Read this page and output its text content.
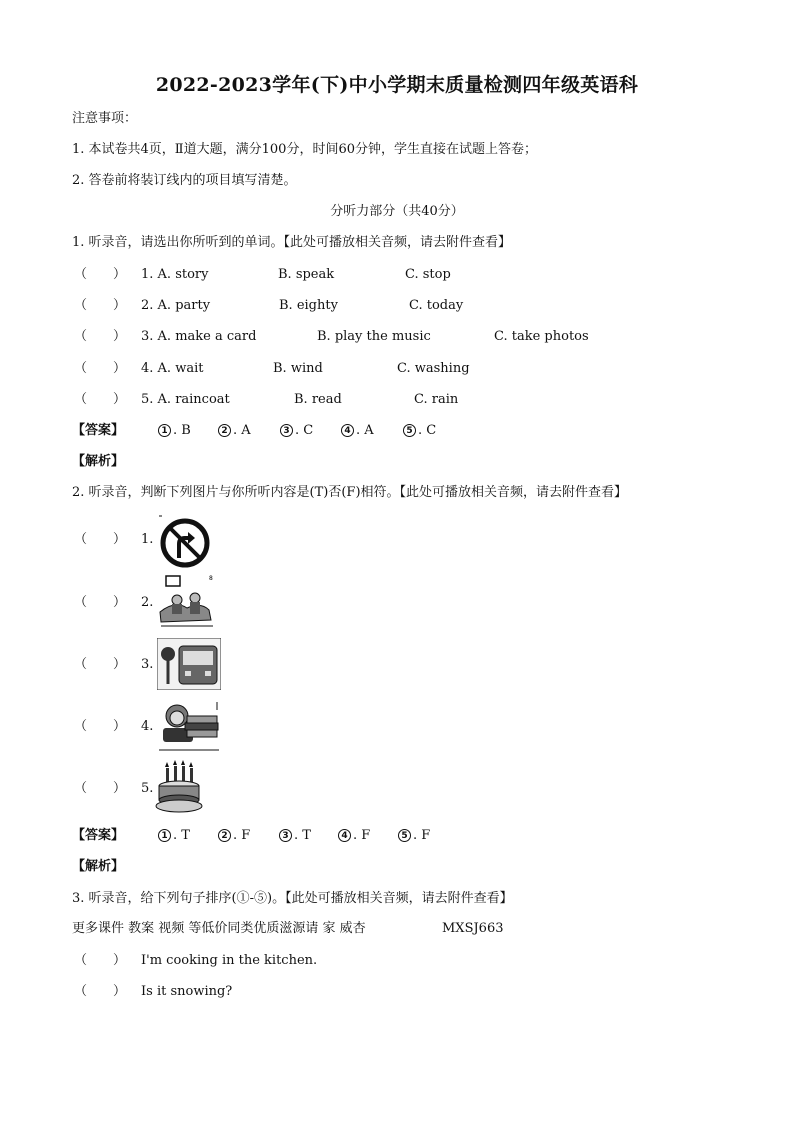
2022-2023学年(下)中小学期末质量检测四年级英语科
注意事项：
1. 本试卷共4页，Ⅱ道大题，满分100分，时间60分钟，学生直接在试题上答卷；
2. 答卷前将装订线内的项目填写清楚。
分听力部分（共40分）
1. 听录音，请选出你所听到的单词。【此处可播放相关音频，请去附件查看】
（　　） 1. A. story	B. speak	C. stop
（　　） 2. A. party	B. eighty	C. today
（　　） 3. A. make a card	B. play the music	C. take photos
（　　） 4. A. wait	B. wind	C. washing
（　　） 5. A. raincoat	B. read	C. rain
【答案】	1 . B	2 . A	3 . C	4 . A	5 . C
【解析】
2. 听录音，判断下列图片与你所听内容是(T)否(F)相符。【此处可播放相关音频，请去附件查看】
（　　） 1.
（　　） 2.
8
（　　） 3.
（　　） 4.
（　　） 5.
【答案】	1 . T	2 . F	3 . T	4 . F	5 . F
【解析】
3. 听录音，给下列句子排序(①-⑤)。【此处可播放相关音频，请去附件查看】
更多课件 教案 视频 等低价同类优质滋源请 家 威杏	MXSJ663
（　　） I'm cooking in the kitchen.
（　　） Is it snowing?
